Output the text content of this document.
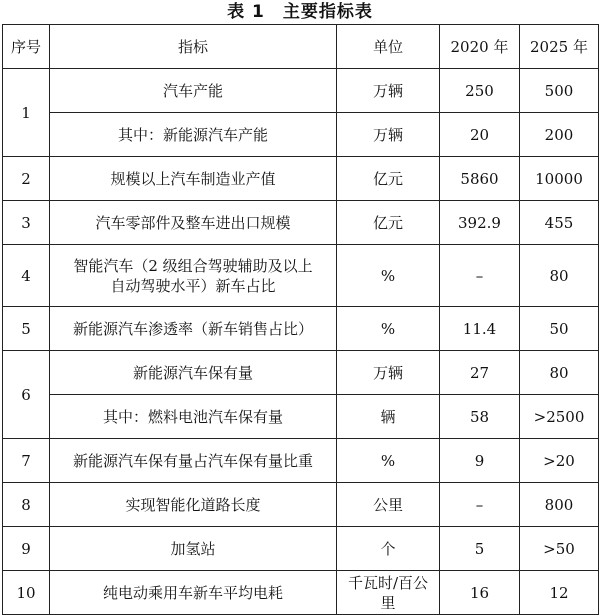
表 1　主要指标表
序号	指标	单位	2020 年	2025 年
1	汽车产能	万辆	250	500
	其中：新能源汽车产能	万辆	20	200
2	规模以上汽车制造业产值	亿元	5860	10000
3	汽车零部件及整车进出口规模	亿元	392.9	455
4	智能汽车（2 级组合驾驶辅助及以上
自动驾驶水平）新车占比	%	–	80
5	新能源汽车渗透率（新车销售占比）	%	11.4	50
6	新能源汽车保有量	万辆	27	80
	其中：燃料电池汽车保有量	辆	58	>2500
7	新能源汽车保有量占汽车保有量比重	%	9	>20
8	实现智能化道路长度	公里	–	800
9	加氢站	个	5	>50
10	纯电动乘用车新车平均电耗	千瓦时/百公里	16	12
